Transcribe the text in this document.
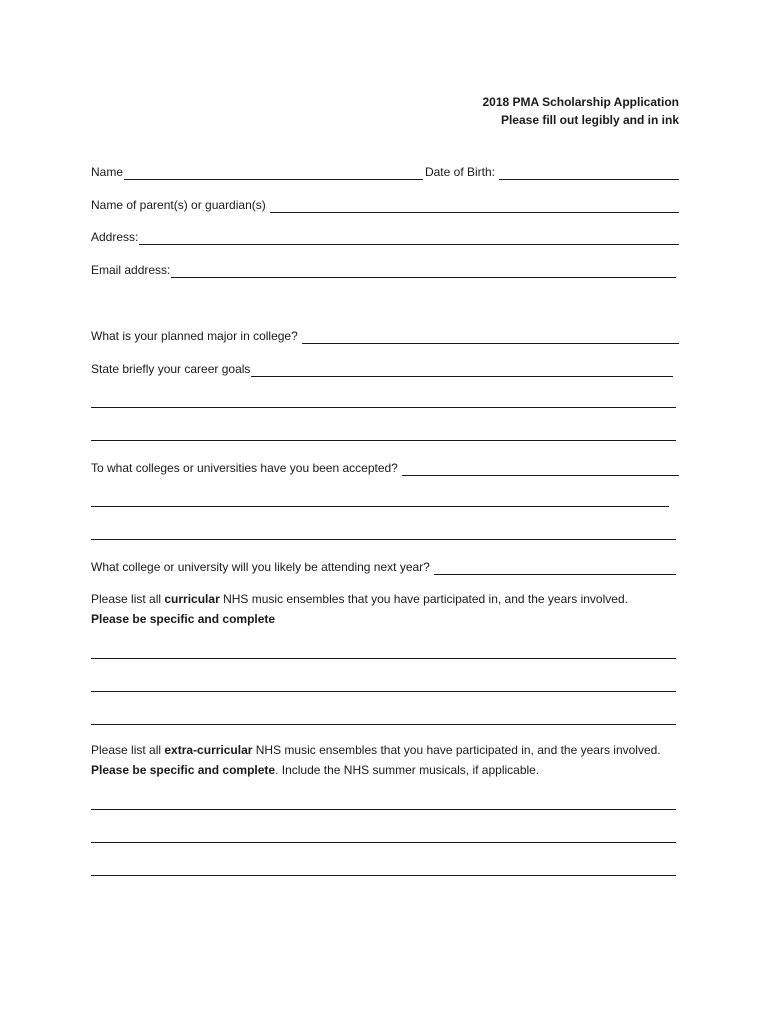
2018 PMA Scholarship Application
Please fill out legibly and in ink
Name	Date of Birth:
Name of parent(s) or guardian(s)
Address:
Email address:
What is your planned major in college?
State briefly your career goals
To what colleges or universities have you been accepted?
What college or university will you likely be attending next year?
Please list all curricular NHS music ensembles that you have participated in, and the years involved.
Please be specific and complete
Please list all extra-curricular NHS music ensembles that you have participated in, and the years involved. Please be specific and complete. Include the NHS summer musicals, if applicable.
